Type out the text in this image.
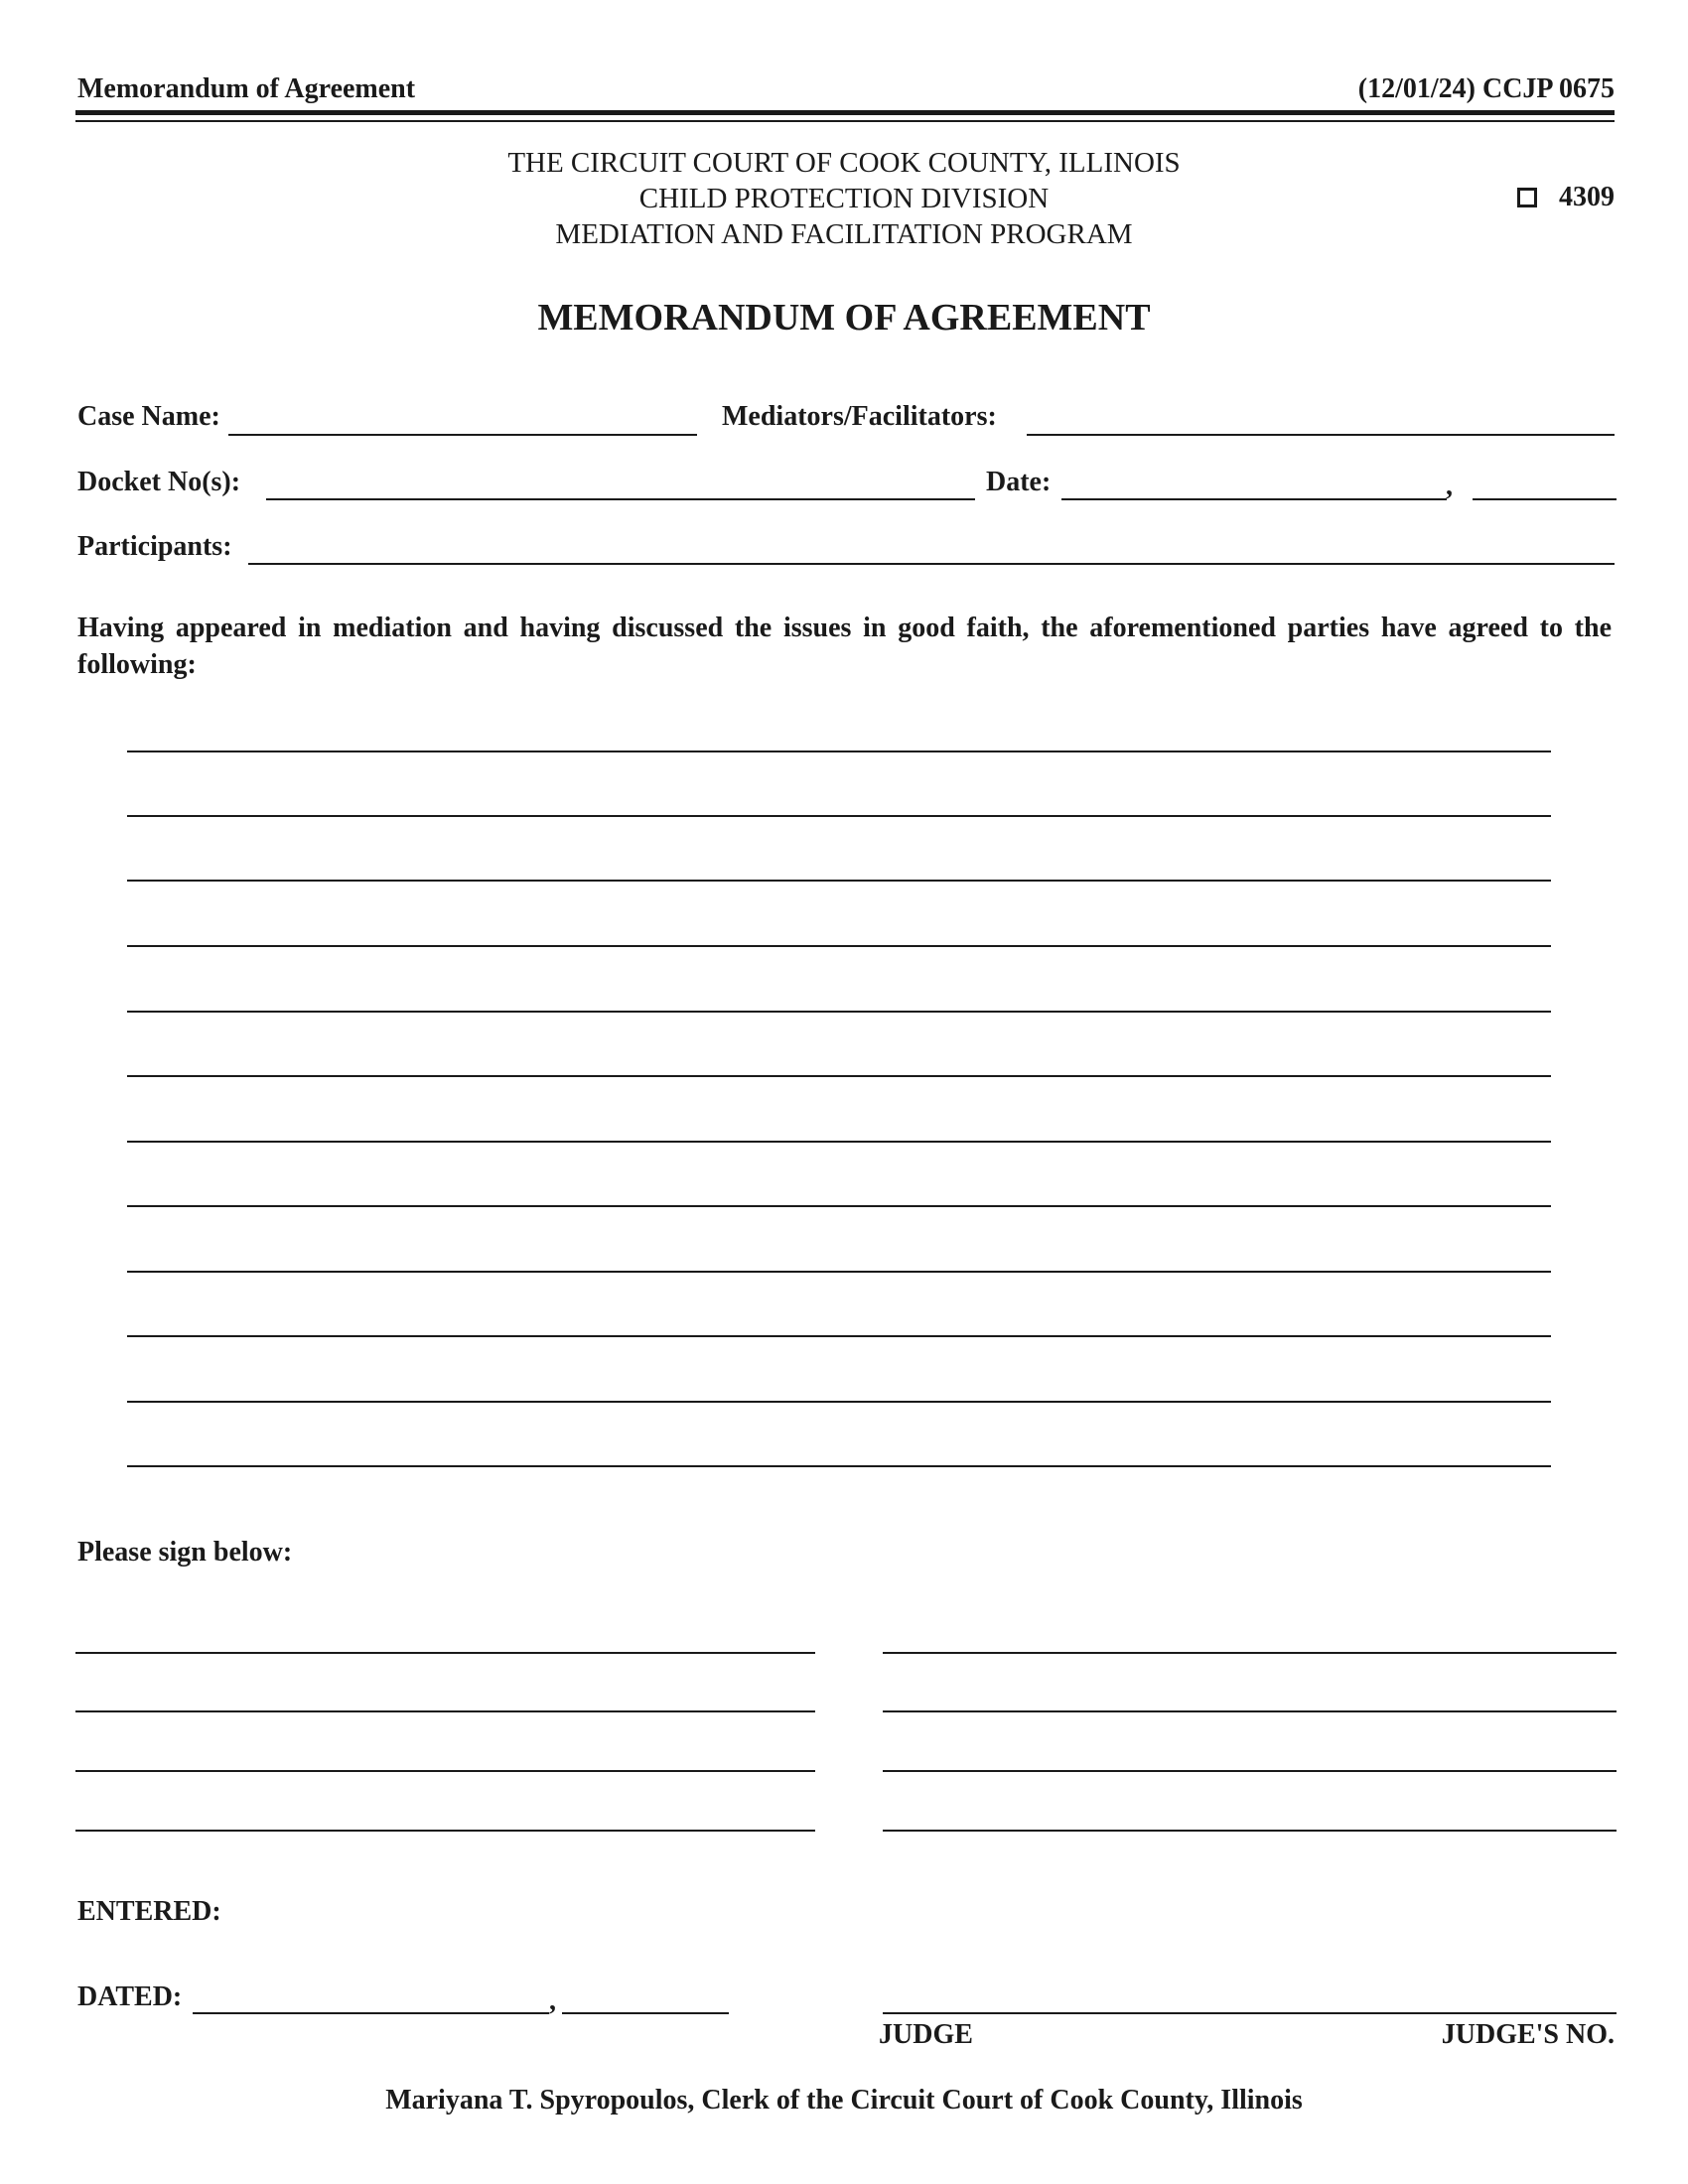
Memorandum of Agreement	(12/01/24) CCJP 0675
THE CIRCUIT COURT OF COOK COUNTY, ILLINOIS
CHILD PROTECTION DIVISION
MEDIATION AND FACILITATION PROGRAM
4309
MEMORANDUM OF AGREEMENT
Case Name:	Mediators/Facilitators:
Docket No(s):	Date:	,
Participants:
Having appeared in mediation and having discussed the issues in good faith, the aforementioned parties have agreed to the following:
Please sign below:
ENTERED:
DATED:	,
JUDGE	JUDGE'S NO.
Mariyana T. Spyropoulos, Clerk of the Circuit Court of Cook County, Illinois
